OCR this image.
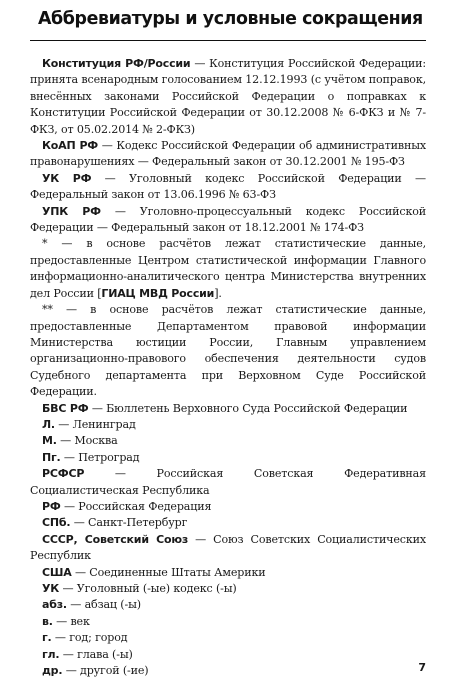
Аббревиатуры и условные сокращения

Конституция РФ/России — Конституция Российской Федерации: принята всенародным голосованием 12.12.1993 (с учётом поправок, внесённых законами Российской Федерации о поправках к Конституции Российской Федерации от 30.12.2008 № 6-ФКЗ и № 7-ФКЗ, от 05.02.2014 № 2-ФКЗ)

КоАП РФ — Кодекс Российской Федерации об административных правонарушениях — Федеральный закон от 30.12.2001 № 195-ФЗ

УК РФ — Уголовный кодекс Российской Федерации — Федеральный закон от 13.06.1996 № 63-ФЗ

УПК РФ — Уголовно-процессуальный кодекс Российской Федерации — Федеральный закон от 18.12.2001 № 174-ФЗ

* — в основе расчётов лежат статистические данные, предоставленные Центром статистической информации Главного информационно-аналитического центра Министерства внутренних дел России [ГИАЦ МВД России].

** — в основе расчётов лежат статистические данные, предоставленные Департаментом правовой информации Министерства юстиции России, Главным управлением организационно-правового обеспечения деятельности судов Судебного департамента при Верховном Суде Российской Федерации.

БВС РФ — Бюллетень Верховного Суда Российской Федерации

Л. — Ленинград

М. — Москва

Пг. — Петроград

РСФСР — Российская Советская Федеративная Социалистическая Республика

РФ — Российская Федерация

СПб. — Санкт-Петербург

СССР, Советский Союз — Союз Советских Социалистических Республик

США — Соединенные Штаты Америки

УК — Уголовный (-ые) кодекс (-ы)

абз. — абзац (-ы)

в. — век

г. — год; город

гл. — глава (-ы)

др. — другой (-ие)	7
